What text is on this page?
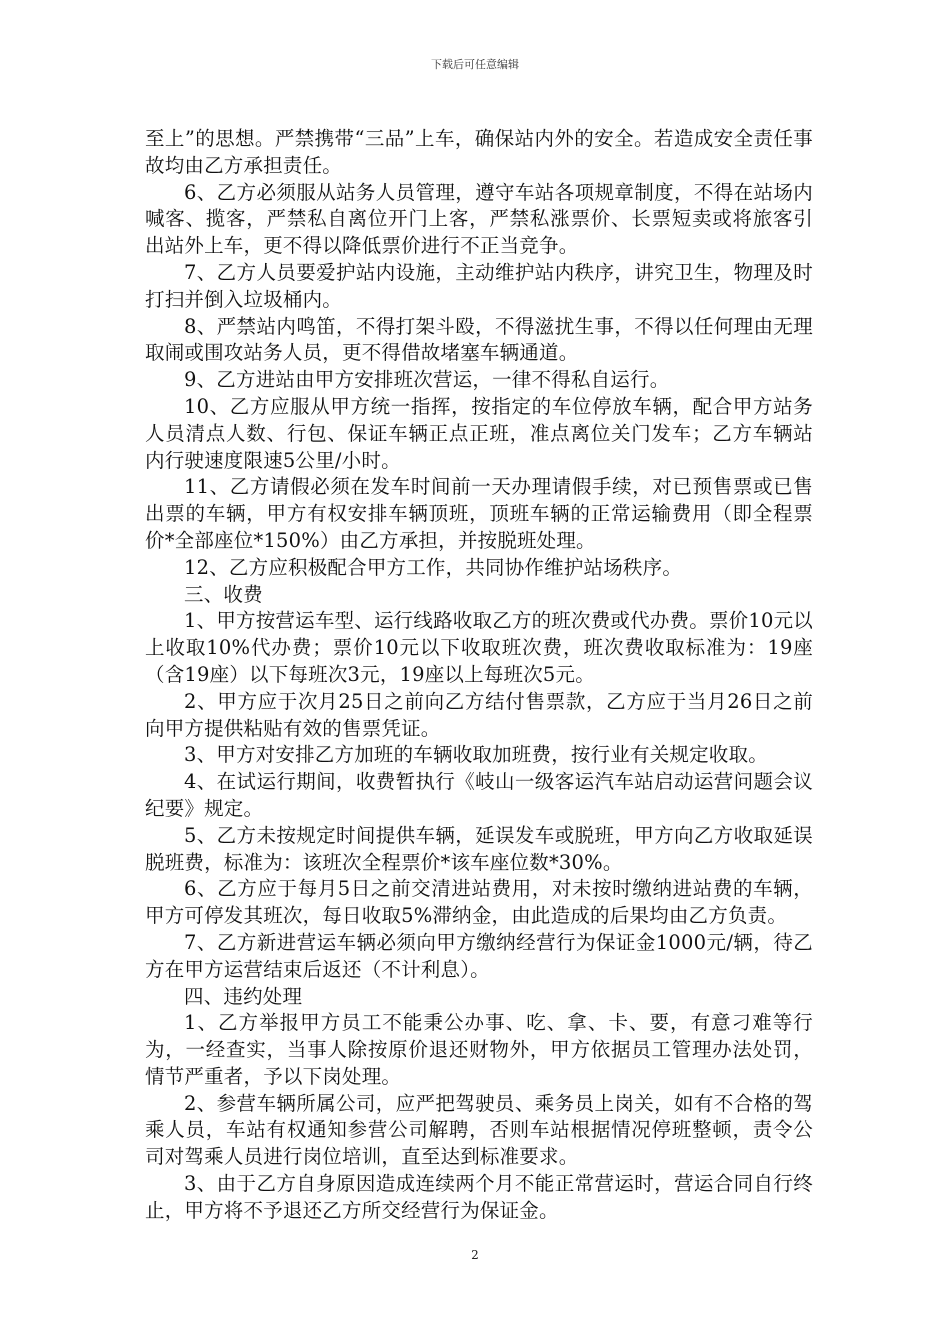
下载后可任意编辑

至上”的思想。严禁携带“三品”上车，确保站内外的安全。若造成安全责任事故均由乙方承担责任。

6、乙方必须服从站务人员管理，遵守车站各项规章制度，不得在站场内喊客、揽客，严禁私自离位开门上客，严禁私涨票价、长票短卖或将旅客引出站外上车，更不得以降低票价进行不正当竞争。

7、乙方人员要爱护站内设施，主动维护站内秩序，讲究卫生，物理及时打扫并倒入垃圾桶内。

8、严禁站内鸣笛，不得打架斗殴，不得滋扰生事，不得以任何理由无理取闹或围攻站务人员，更不得借故堵塞车辆通道。

9、乙方进站由甲方安排班次营运，一律不得私自运行。

10、乙方应服从甲方统一指挥，按指定的车位停放车辆，配合甲方站务人员清点人数、行包、保证车辆正点正班，准点离位关门发车；乙方车辆站内行驶速度限速5公里/小时。

11、乙方请假必须在发车时间前一天办理请假手续，对已预售票或已售出票的车辆，甲方有权安排车辆顶班，顶班车辆的正常运输费用（即全程票价*全部座位*150%）由乙方承担，并按脱班处理。

12、乙方应积极配合甲方工作，共同协作维护站场秩序。

三、收费

1、甲方按营运车型、运行线路收取乙方的班次费或代办费。票价10元以上收取10%代办费；票价10元以下收取班次费，班次费收取标准为：19座（含19座）以下每班次3元，19座以上每班次5元。

2、甲方应于次月25日之前向乙方结付售票款，乙方应于当月26日之前向甲方提供粘贴有效的售票凭证。

3、甲方对安排乙方加班的车辆收取加班费，按行业有关规定收取。

4、在试运行期间，收费暂执行《岐山一级客运汽车站启动运营问题会议纪要》规定。

5、乙方未按规定时间提供车辆，延误发车或脱班，甲方向乙方收取延误脱班费，标准为：该班次全程票价*该车座位数*30%。

6、乙方应于每月5日之前交清进站费用，对未按时缴纳进站费的车辆，甲方可停发其班次，每日收取5%滞纳金，由此造成的后果均由乙方负责。

7、乙方新进营运车辆必须向甲方缴纳经营行为保证金1000元/辆，待乙方在甲方运营结束后返还（不计利息）。

四、违约处理

1、乙方举报甲方员工不能秉公办事、吃、拿、卡、要，有意刁难等行为，一经查实，当事人除按原价退还财物外，甲方依据员工管理办法处罚，情节严重者，予以下岗处理。

2、参营车辆所属公司，应严把驾驶员、乘务员上岗关，如有不合格的驾乘人员，车站有权通知参营公司解聘，否则车站根据情况停班整顿，责令公司对驾乘人员进行岗位培训，直至达到标准要求。

3、由于乙方自身原因造成连续两个月不能正常营运时，营运合同自行终止，甲方将不予退还乙方所交经营行为保证金。

2
